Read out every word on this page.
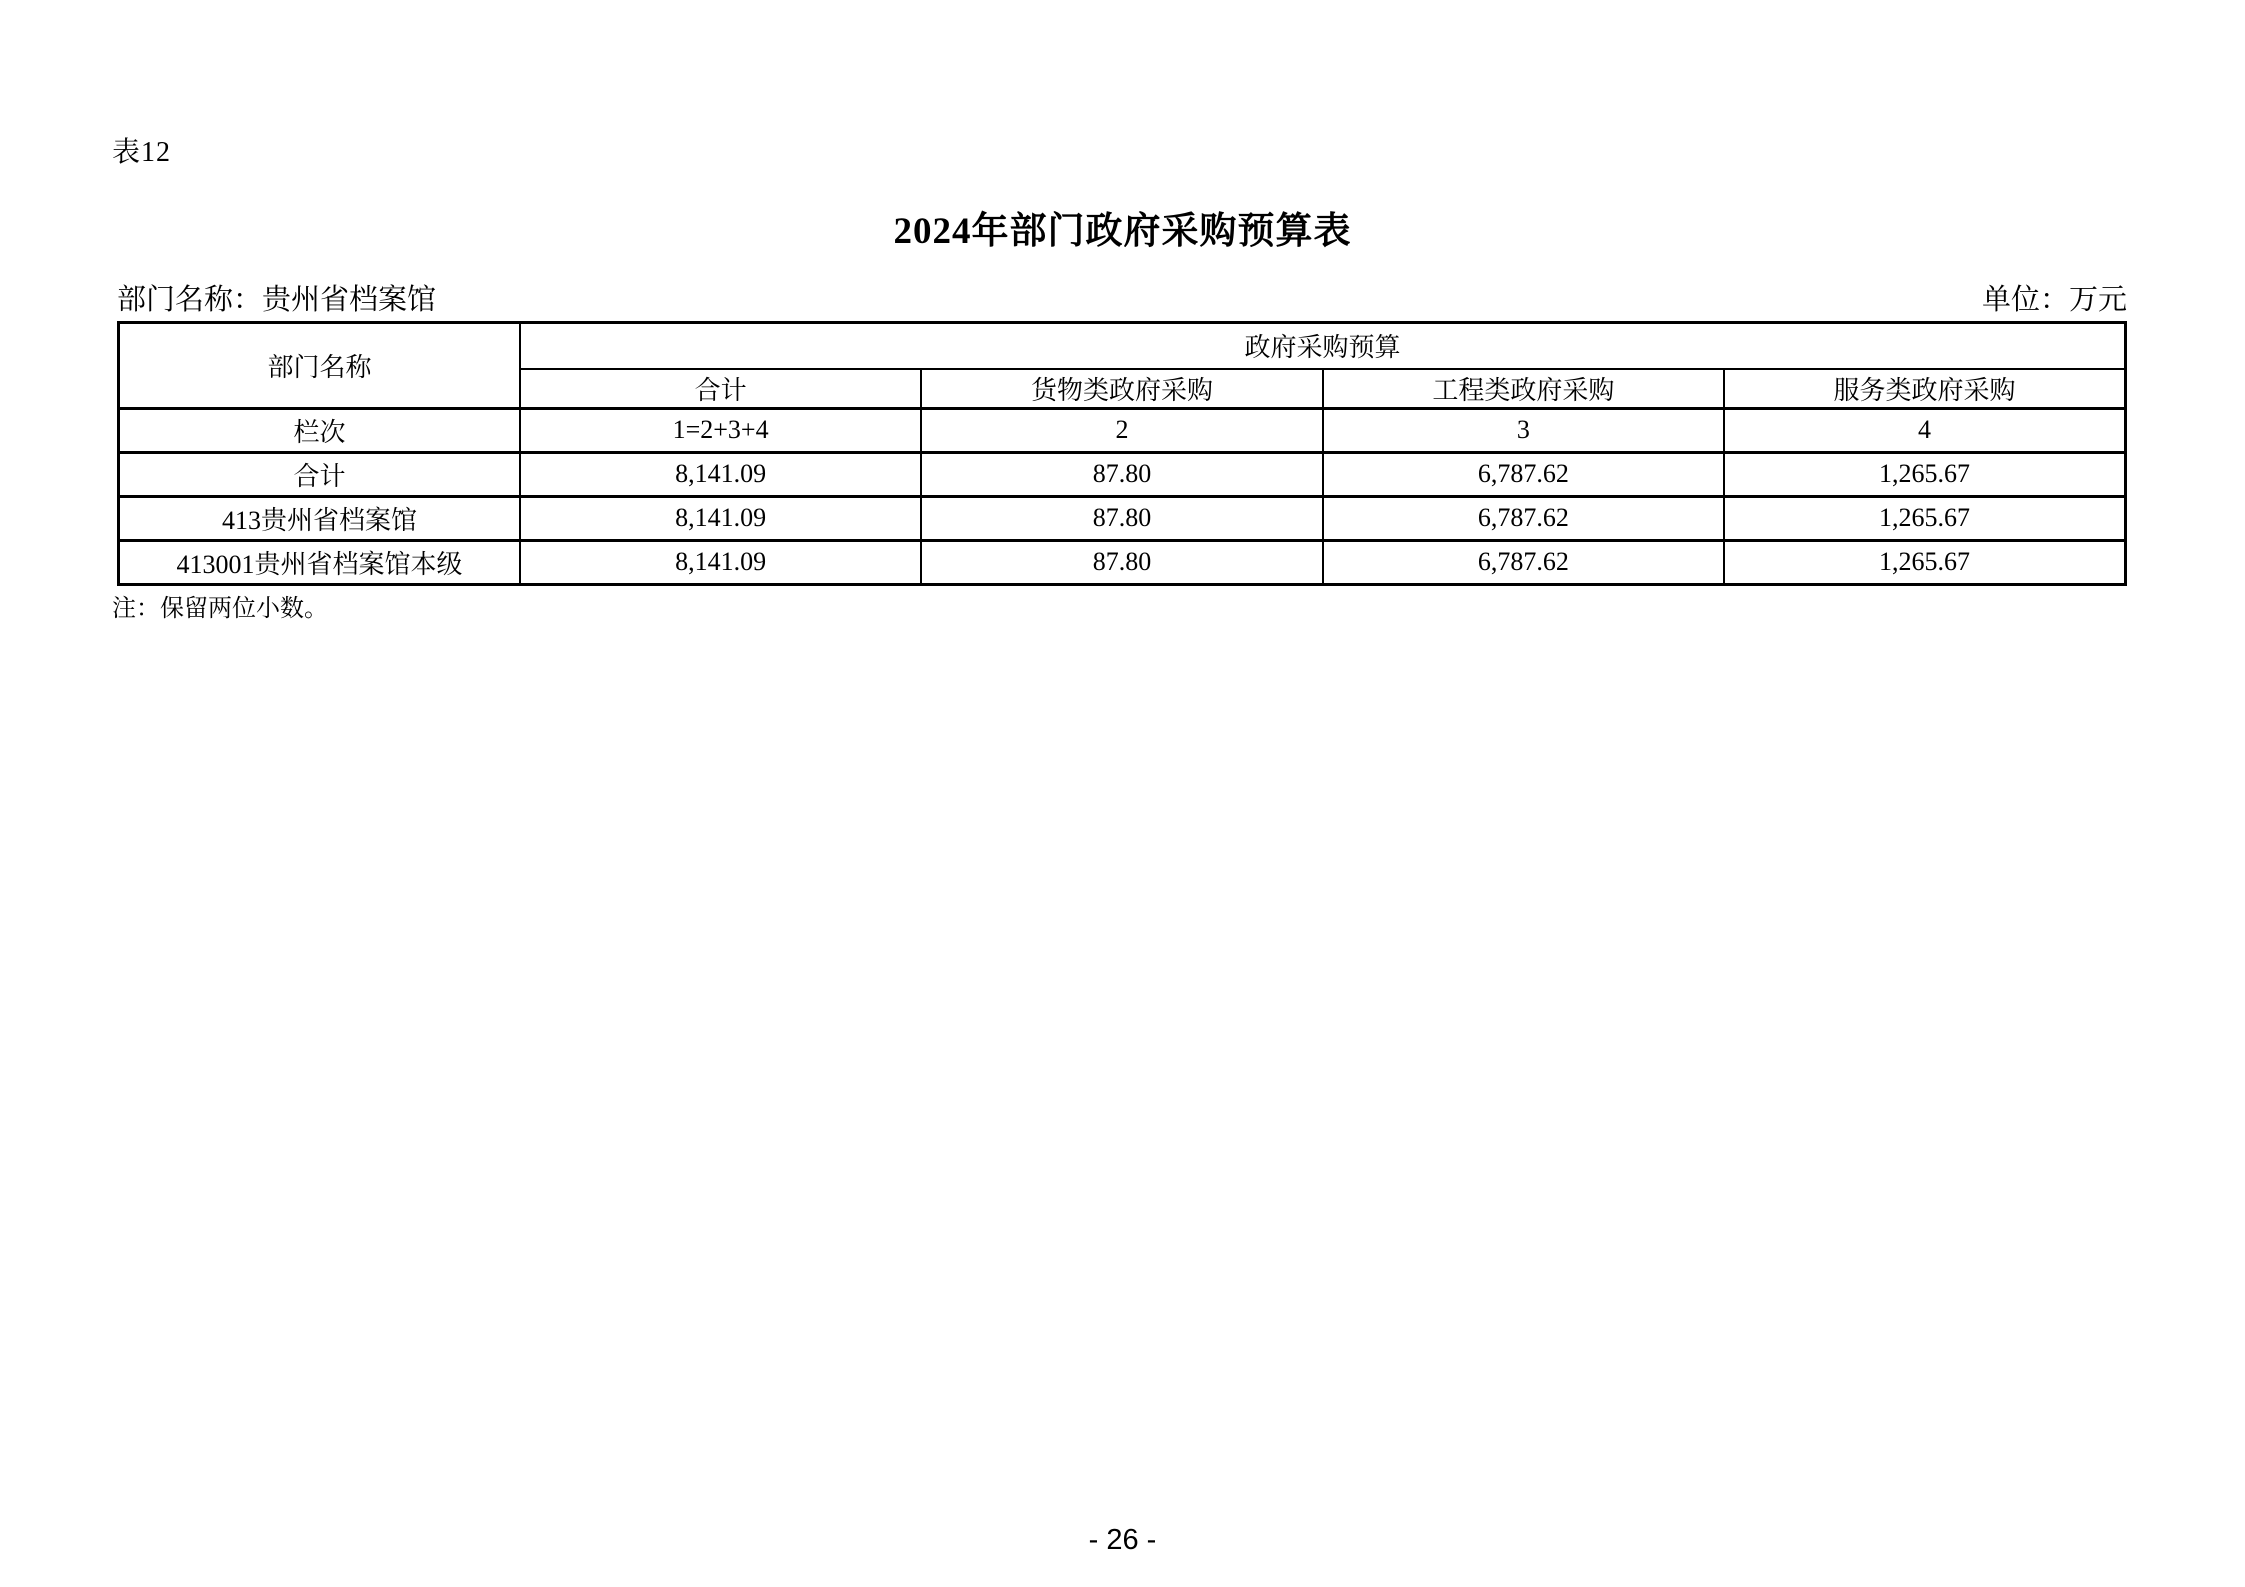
表12
2024年部门政府采购预算表
部门名称：贵州省档案馆	单位：万元
部门名称	政府采购预算			
	合计	货物类政府采购	工程类政府采购	服务类政府采购
栏次	1=2+3+4	2	3	4
合计	8,141.09	87.80	6,787.62	1,265.67
413贵州省档案馆	8,141.09	87.80	6,787.62	1,265.67
413001贵州省档案馆本级	8,141.09	87.80	6,787.62	1,265.67
注：保留两位小数。
- 26 -
